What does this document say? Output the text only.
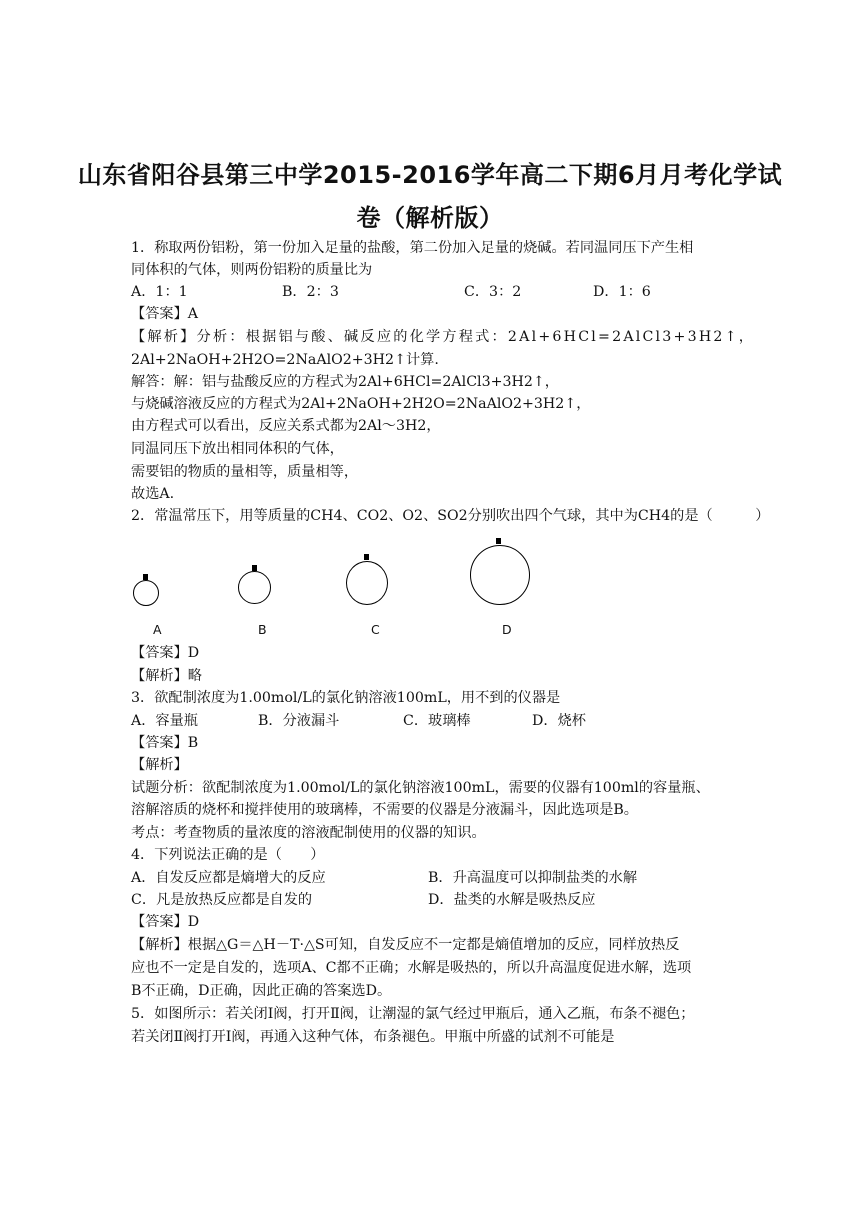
山东省阳谷县第三中学2015-2016学年高二下期6月月考化学试
卷（解析版）
1．称取两份铝粉，第一份加入足量的盐酸，第二份加入足量的烧碱。若同温同压下产生相
同体积的气体，则两份铝粉的质量比为
A．1：1	B．2：3	C．3：2	D．1：6
【答案】A
【解析】分析：根据铝与酸、碱反应的化学方程式：2Al+6HCl=2AlCl3+3H2↑，
2Al+2NaOH+2H2O=2NaAlO2+3H2↑计算.
解答：解：铝与盐酸反应的方程式为2Al+6HCl=2AlCl3+3H2↑，
与烧碱溶液反应的方程式为2Al+2NaOH+2H2O=2NaAlO2+3H2↑，
由方程式可以看出，反应关系式都为2Al～3H2，
同温同压下放出相同体积的气体，
需要铝的物质的量相等，质量相等，
故选A.
2．常温常压下，用等质量的CH4、CO2、O2、SO2分别吹出四个气球，其中为CH4的是（　　　）
A	B	C	D
【答案】D
【解析】略
3．欲配制浓度为1.00mol/L的氯化钠溶液100mL，用不到的仪器是
A．容量瓶	B．分液漏斗	C．玻璃棒	D．烧杯
【答案】B
【解析】
试题分析：欲配制浓度为1.00mol/L的氯化钠溶液100mL，需要的仪器有100ml的容量瓶、
溶解溶质的烧杯和搅拌使用的玻璃棒，不需要的仪器是分液漏斗，因此选项是B。
考点：考查物质的量浓度的溶液配制使用的仪器的知识。
4．下列说法正确的是（　　）
A．自发反应都是熵增大的反应	B．升高温度可以抑制盐类的水解
C．凡是放热反应都是自发的	D．盐类的水解是吸热反应
【答案】D
【解析】根据△G＝△H－T·△S可知，自发反应不一定都是熵值增加的反应，同样放热反
应也不一定是自发的，选项A、C都不正确；水解是吸热的，所以升高温度促进水解，选项
B不正确，D正确，因此正确的答案选D。
5．如图所示：若关闭Ⅰ阀，打开Ⅱ阀，让潮湿的氯气经过甲瓶后，通入乙瓶，布条不褪色；
若关闭Ⅱ阀打开Ⅰ阀，再通入这种气体，布条褪色。甲瓶中所盛的试剂不可能是
